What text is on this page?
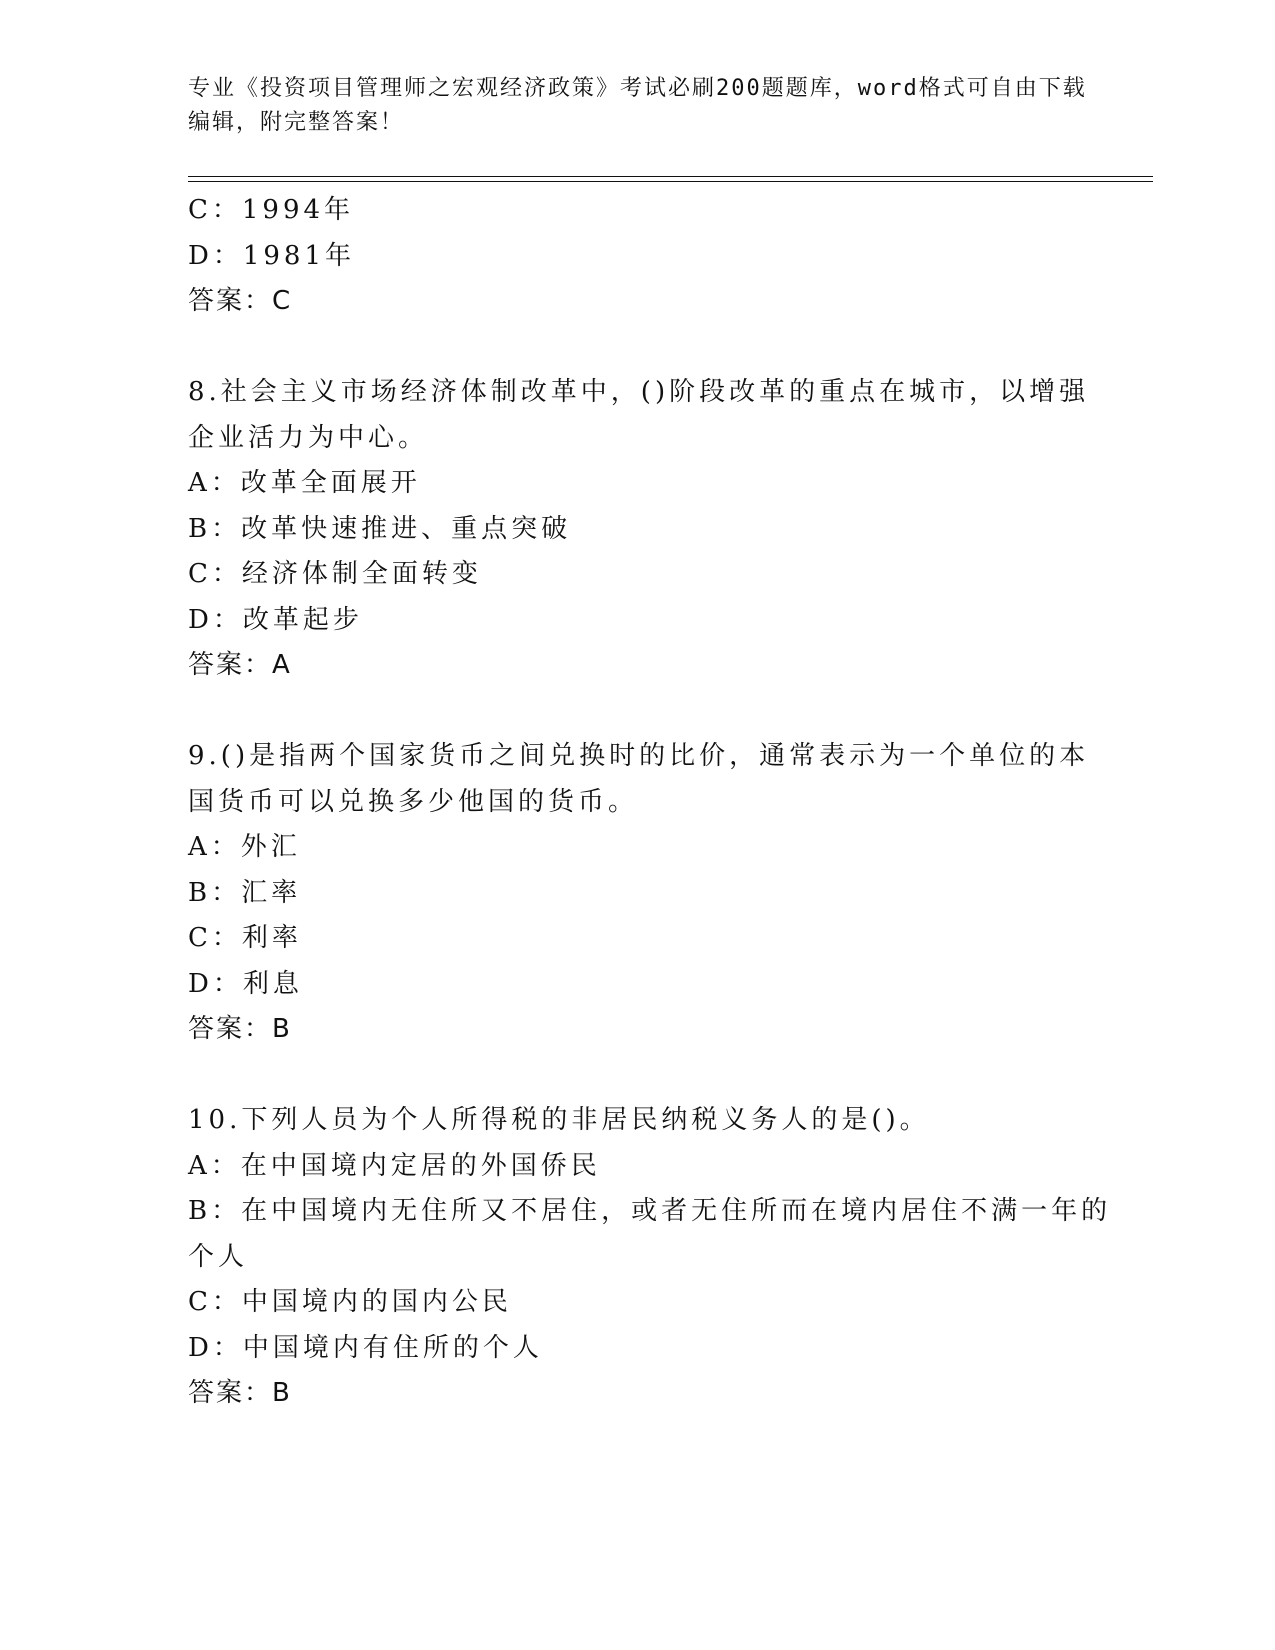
专业《投资项目管理师之宏观经济政策》考试必刷200题题库，word格式可自由下载编辑，附完整答案！
C：1994年
D：1981年
答案：C
8.社会主义市场经济体制改革中，()阶段改革的重点在城市，以增强
企业活力为中心。
A：改革全面展开
B：改革快速推进、重点突破
C：经济体制全面转变
D：改革起步
答案：A
9.()是指两个国家货币之间兑换时的比价，通常表示为一个单位的本
国货币可以兑换多少他国的货币。
A：外汇
B：汇率
C：利率
D：利息
答案：B
10.下列人员为个人所得税的非居民纳税义务人的是()。
A：在中国境内定居的外国侨民
B：在中国境内无住所又不居住，或者无住所而在境内居住不满一年的
个人
C：中国境内的国内公民
D：中国境内有住所的个人
答案：B
